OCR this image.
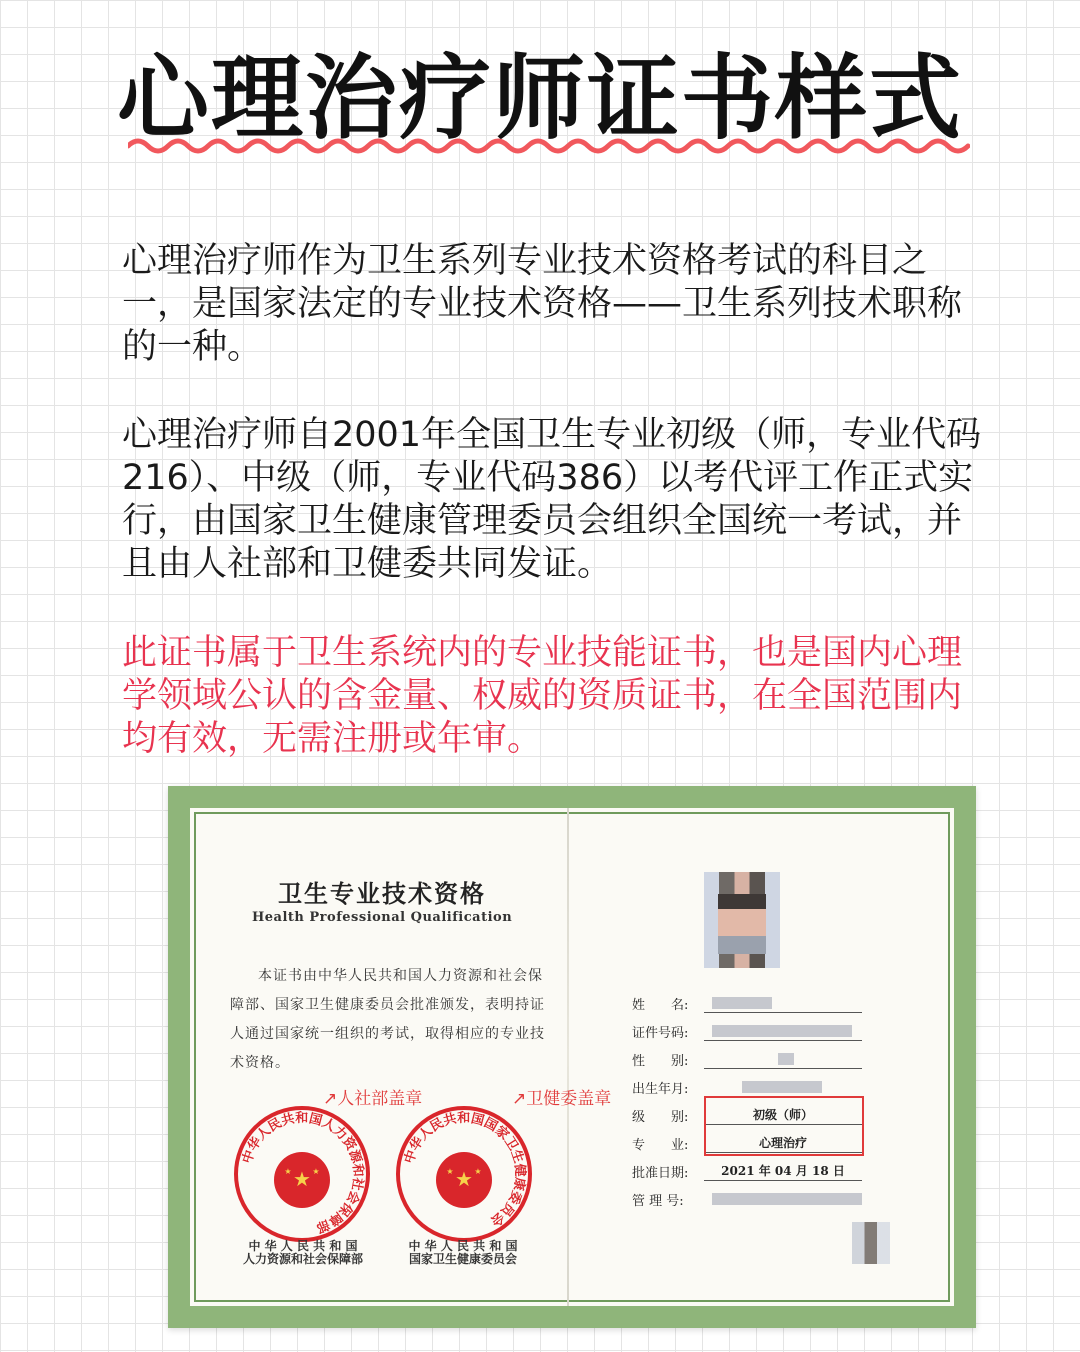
心理治疗师证书样式

心理治疗师作为卫生系列专业技术资格考试的科目之一，是国家法定的专业技术资格——卫生系列技术职称的一种。

心理治疗师自2001年全国卫生专业初级（师，专业代码216）、中级（师，专业代码386）以考代评工作正式实行，由国家卫生健康管理委员会组织全国统一考试，并且由人社部和卫健委共同发证。

此证书属于卫生系统内的专业技能证书，也是国内心理学领域公认的含金量、权威的资质证书，在全国范围内均有效，无需注册或年审。

卫生专业技术资格
Health Professional Qualification

本证书由中华人民共和国人力资源和社会保障部、国家卫生健康委员会批准颁发，表明持证人通过国家统一组织的考试，取得相应的专业技术资格。

↗人社部盖章	↗卫健委盖章
中华人民共和国人力资源和社会保障部
★
★	★
中华人民共和国国家卫生健康委员会
★
★	★
中 华 人 民 共 和 国
人力资源和社会保障部
中 华 人 民 共 和 国
国家卫生健康委员会
姓　　名:
证件号码:
性　　别:
出生年月:
级　　别:	初级（师）
专　　业:	心理治疗
批准日期:	2021 年 04 月 18 日
管 理 号:
